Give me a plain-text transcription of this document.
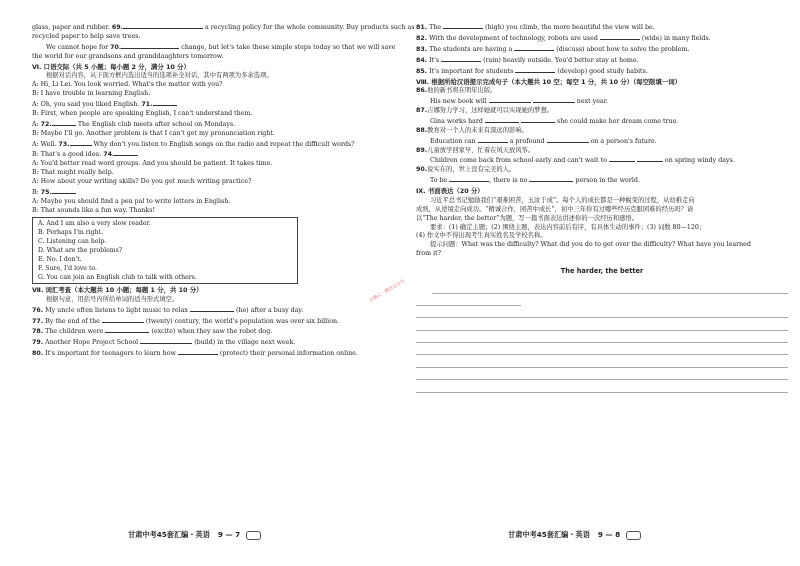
glass, paper and rubber. 69.	a recycling policy for the whole community. Buy products such as
recycled paper to help save trees.
We cannot hope for 70.	change, but let's take these simple steps today so that we will save
the world for our grandsons and granddaughters tomorrow.
Ⅵ. 口语交际（共 5 小题；每小题 2 分，满分 10 分）
根据对话内容，从下面方框内选出适当的选项补全对话，其中有两项为多余选项。
A: Hi, Li Lei. You look worried. What's the matter with you?
B: I have trouble in learning English.
A: Oh, you said you liked English. 71.
B: First, when people are speaking English, I can't understand them.
A: 72.	The English club meets after school on Mondays.
B: Maybe I'll go. Another problem is that I can't get my pronunciation right.
A: Well. 73.	Why don't you listen to English songs on the radio and repeat the difficult words?
B: That's a good idea. 74.
A: You'd better read word groups. And you should be patient. It takes time.
B: That might really help.
A: How about your writing skills? Do you get much writing practice?
B: 75.
A: Maybe you should find a pen pal to write letters in English.
B: That sounds like a fun way. Thanks!
A. And I am also a very slow reader.
B. Perhaps I'm right.
C. Listening can help.
D. What are the problems?
E. No. I don't.
F. Sure, I'd love to.
G. You can join an English club to talk with others.
Ⅶ. 词汇考查（本大题共 10 小题；每题 1 分，共 10 分）
根据句意，用括号内所给单词的适当形式填空。
76. My uncle often listens to light music to relax	(he) after a busy day.
77. By the end of the	(twenty) century, the world's population was over six billion.
78. The children were	(excite) when they saw the robot dog.
79. Another Hope Project School	(build) in the village next week.
80. It's important for teenagers to learn how	(protect) their personal information online.
甘肃中考45套汇编・英语 9 — 7
81. The	(high) you climb, the more beautiful the view will be.
82. With the development of technology, robots are used	(wide) in many fields.
83. The students are having a	(discuss) about how to solve the problem.
84. It's	(rain) heavily outside. You'd better stay at home.
85. It's important for students	(develop) good study habits.
Ⅷ. 根据所给汉语提示完成句子（本大题共 10 空；每空 1 分，共 10 分）（每空限填一词）
86.他的新书将在明年出版。
His new book will	next year.
87.吉娜努力学习，这样她就可以实现她的梦想。
Gina works hard	she could make her dream come true.
88.教育对一个人的未来有深远的影响。
Education can	a profound	on a person's future.
89.儿童放学回家早，忙着在风天放风筝。
Children come back from school early and can't wait to	on spring windy days.
90.说实在的，世上没有完美的人。
To be	, there is no	person in the world.
Ⅸ. 书面表达（20 分）
习近平总书记勉励我们“艰难困苦，玉汝于成”。每个人的成长都是一种蜕变的过程，从幼稚走向
成熟，从逆境走向成功。“精诚合作，困苦中成长”，初中三年你有过哪些经历克服困难的经历吗？请
以“The harder, the better”为题，写一篇书面表达讲述你的一次经历和感悟。
要求：(1) 确定主题；(2) 围绕主题，表达内容前后有序，有具体生动的事件；(3) 词数 80—120；
(4) 作文中不得出现考生真实姓名及学校名称。
提示问题：What was the difficulty? What did you do to get over the difficulty? What have you learned
from it?
The harder, the better
甘肃中考45套汇编・英语 9 — 8
正确云 · 微信公众号
